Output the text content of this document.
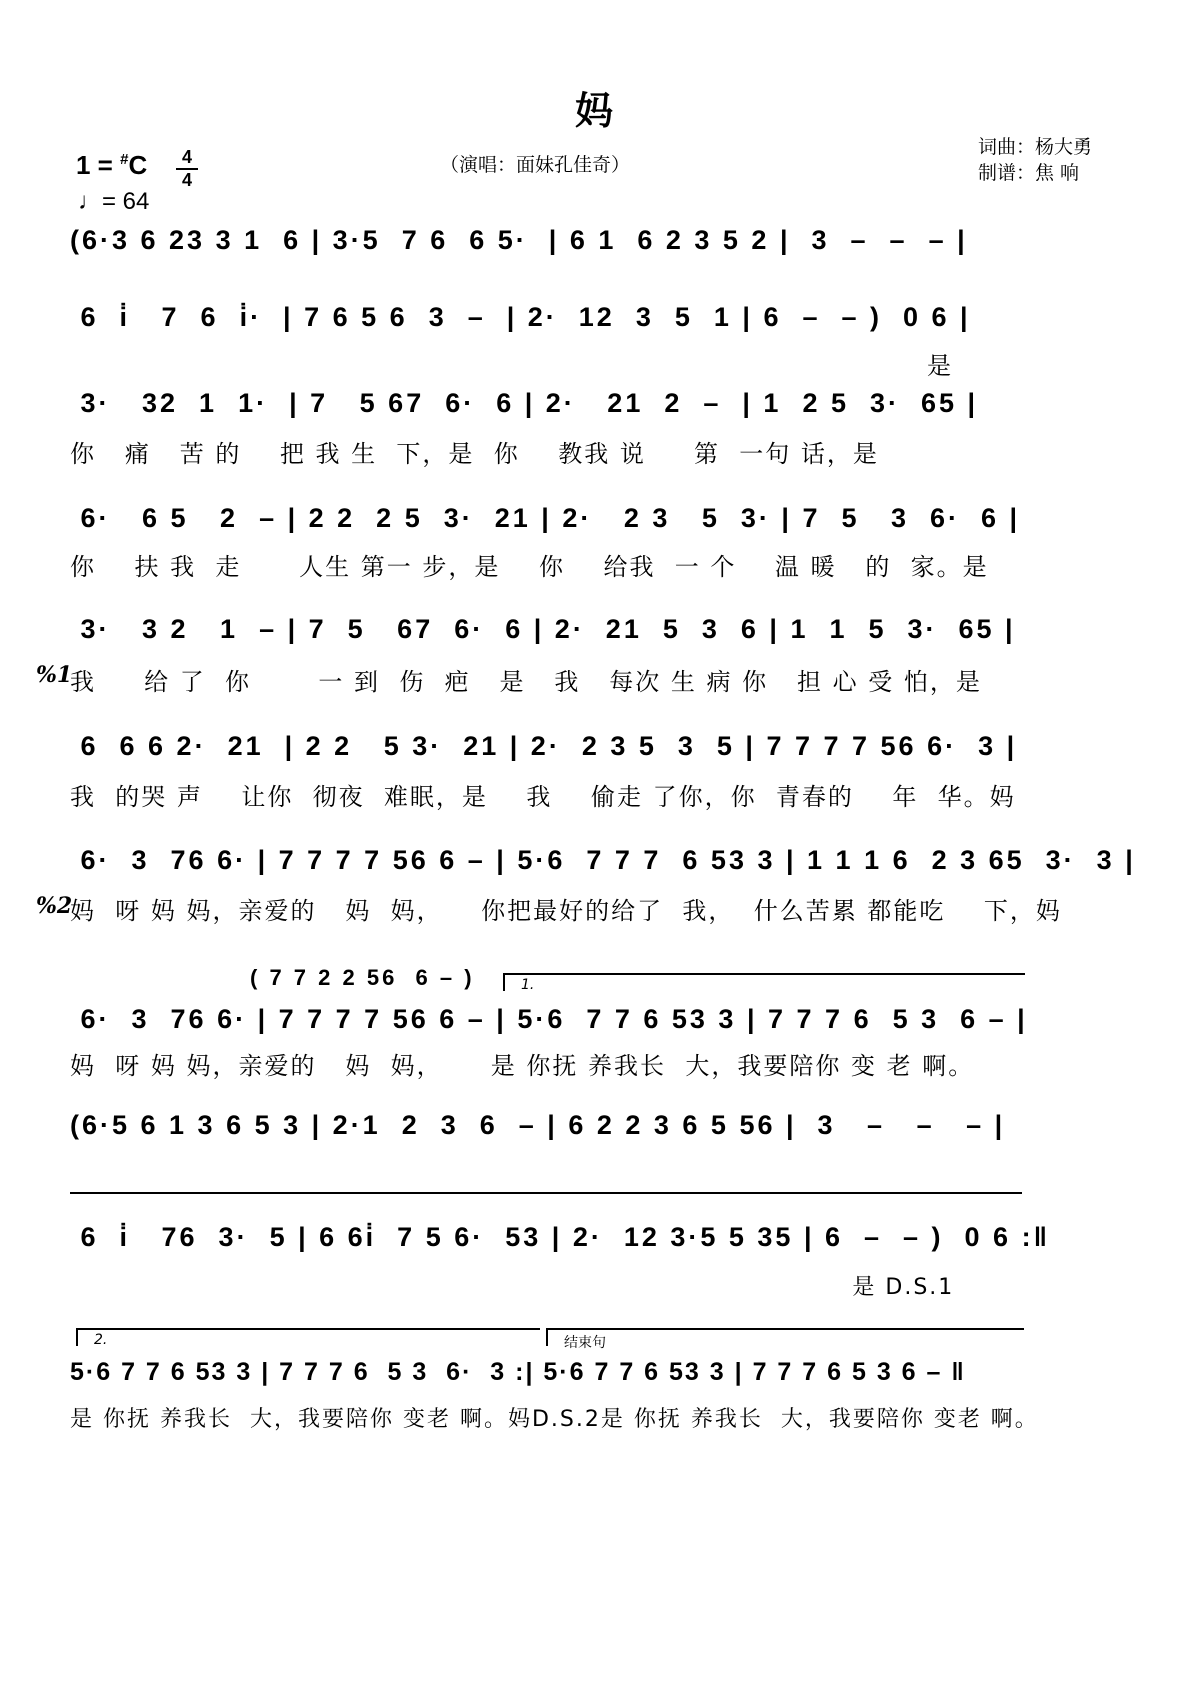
妈
1 = #C	4
4
♩= 64
（演唱：面妹孔佳奇）
词曲：杨大勇
制谱：焦 响
(6·3 6 23 3 1  6 | 3·5  7 6  6 5·  | 6 1  6 2 3 5 2 |  3  –  –  – |
6  i̇   7  6  i̇·  | 7 6 5 6  3  –  | 2·  12  3  5  1 | 6  –  – )  0 6 |
是
3·   32  1  1·  | 7   5 67  6·  6 | 2·   21  2  –  | 1  2 5  3·  65 |
你   痛   苦 的    把 我 生  下，是  你    教我 说     第  一句 话，是
6·   6 5   2  – | 2 2  2 5  3·  21 | 2·   2 3   5  3· | 7  5   3  6·  6 |
你    扶 我  走      人生 第一 步，是    你    给我  一 个    温 暖   的  家。是
3·   3 2   1  – | 7  5   67  6·  6 | 2·  21  5  3  6 | 1  1  5  3·  65 |
我     给 了  你       一 到  伤  疤   是   我   每次 生 病 你   担 心 受 怕，是
%1
6  6 6 2·  21  | 2 2   5 3·  21 | 2·  2 3 5  3  5 | 7 7 7 7 56 6·  3 |
我  的哭 声    让你  彻夜  难眠，是    我    偷走 了你，你  青春的    年  华。妈
6·  3  76 6· | 7 7 7 7 56 6 – | 5·6  7 7 7  6 53 3 | 1 1 1 6  2 3 65  3·  3 |
妈  呀 妈 妈，亲爱的   妈  妈，    你把最好的给了  我，  什么苦累 都能吃    下，妈
%2
( 7 7 2 2 56  6 – )	1.
6·  3  76 6· | 7 7 7 7 56 6 – | 5·6  7 7 6 53 3 | 7 7 7 6  5 3  6 – |
妈  呀 妈 妈，亲爱的   妈  妈，     是 你抚 养我长  大，我要陪你 变 老 啊。
(6·5 6 1 3 6 5 3 | 2·1  2  3  6  – | 6 2 2 3 6 5 56 |  3   –   –   – |
6  i̇   76  3·  5 | 6 6i̇  7 5 6·  53 | 2·  12 3·5 5 35 | 6  –  – )  0 6 :‖
是 D.S.1
2.	结束句
5·6 7 7 6 53 3 | 7 7 7 6  5 3  6·  3 :| 5·6 7 7 6 53 3 | 7 7 7 6 5 3 6 – ‖
是 你抚 养我长  大，我要陪你 变老 啊。妈D.S.2是 你抚 养我长  大，我要陪你 变老 啊。
